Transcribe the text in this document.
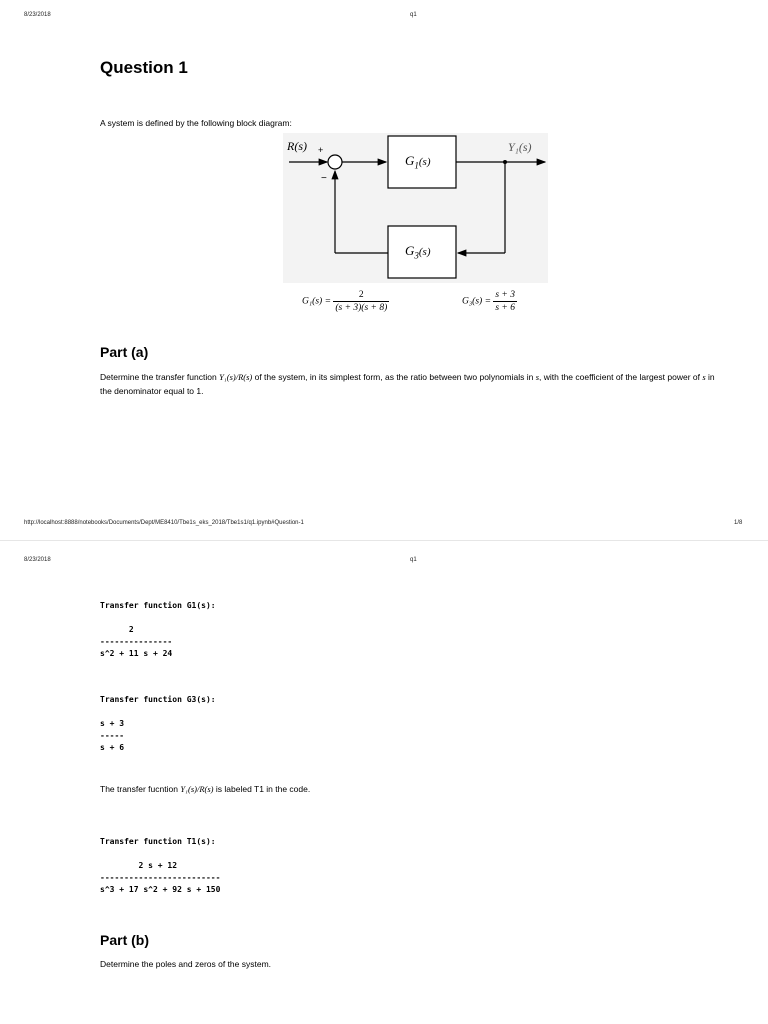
8/23/2018	q1
Question 1
A system is defined by the following block diagram:
R(s) +
−
Y₁(s)
$G_1(s)$
$G_3(s)$
$G_1(s) = \frac{2}{(s + 3)(s + 8)}$	$G_3(s) = \frac{s + 3}{s + 6}$
Part (a)
Determine the transfer function Y₁(s)/R(s) of the system, in its simplest form, as the ratio between two polynomials in s, with the coefficient of the largest power of s in the denominator equal to 1.
http://localhost:8888/notebooks/Documents/Dept/ME8410/Tbe1s_eks_2018/Tbe1s1/q1.ipynb#Question-1	1/8
8/23/2018	q1
Transfer function G1(s):

2
---------------
s^2 + 11 s + 24
Transfer function G3(s):

s + 3
-----
s + 6
The transfer fucntion Y₁(s)/R(s) is labeled T1 in the code.
Transfer function T1(s):

2 s + 12
-------------------------
s^3 + 17 s^2 + 92 s + 150
Part (b)
Determine the poles and zeros of the system.
